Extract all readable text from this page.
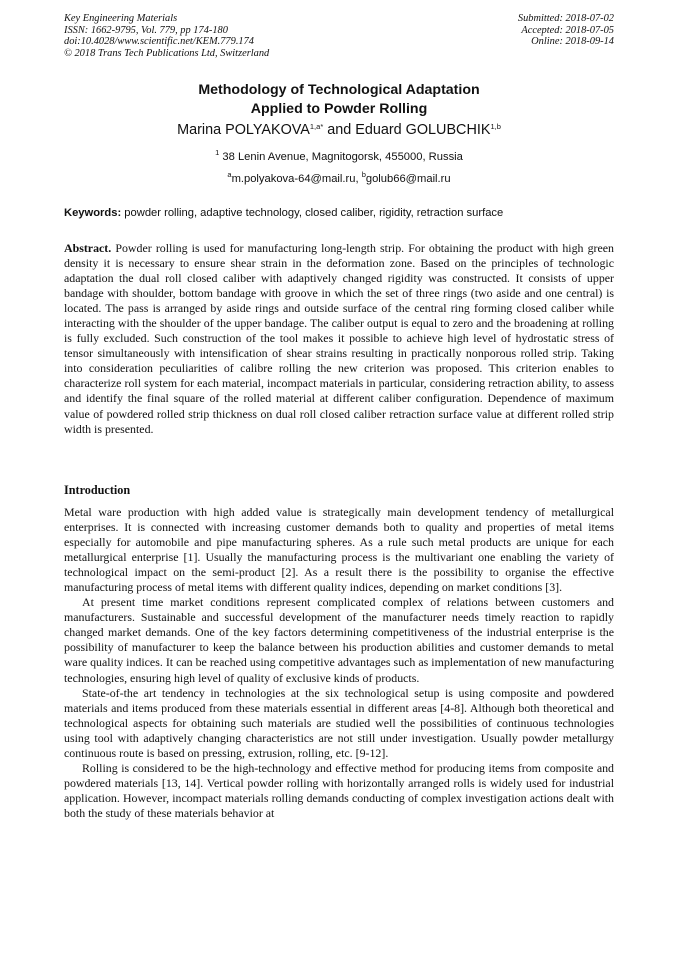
Key Engineering Materials
ISSN: 1662-9795, Vol. 779, pp 174-180
doi:10.4028/www.scientific.net/KEM.779.174
© 2018 Trans Tech Publications Ltd, Switzerland
Submitted: 2018-07-02
Accepted: 2018-07-05
Online: 2018-09-14
Methodology of Technological Adaptation
Applied to Powder Rolling
Marina $POLYAKOVA^{1,a*}$ and Eduard GOLUBCHIK$^{1,b}$
$^1$ 38 Lenin Avenue, Magnitogorsk, 455000, Russia
$^a$m.polyakova-64@mail.ru, $^b$golub66@mail.ru
Keywords: powder rolling, adaptive technology, closed caliber, rigidity, retraction surface
Abstract. Powder rolling is used for manufacturing long-length strip. For obtaining the product with high green density it is necessary to ensure shear strain in the deformation zone. Based on the principles of technologic adaptation the dual roll closed caliber with adaptively changed rigidity was constructed. It consists of upper bandage with shoulder, bottom bandage with groove in which the set of three rings (two aside and one central) is located. The pass is arranged by aside rings and outside surface of the central ring forming closed caliber while interacting with the shoulder of the upper bandage. The caliber output is equal to zero and the broadening at rolling is fully excluded. Such construction of the tool makes it possible to achieve high level of hydrostatic stress of tensor simultaneously with intensification of shear strains resulting in practically nonporous rolled strip. Taking into consideration peculiarities of calibre rolling the new criterion was proposed. This criterion enables to characterize roll system for each material, incompact materials in particular, considering retraction ability, to assess and identify the final square of the rolled material at different caliber configuration. Dependence of maximum value of powdered rolled strip thickness on dual roll closed caliber retraction surface value at different rolled strip width is presented.
Introduction

Metal ware production with high added value is strategically main development tendency of metallurgical enterprises. It is connected with increasing customer demands both to quality and properties of metal items especially for automobile and pipe manufacturing spheres. As a rule such metal products are unique for each metallurgical enterprise [1]. Usually the manufacturing process is the multivariant one enabling the variety of technological impact on the semi-product [2]. As a result there is the possibility to organise the effective manufacturing process of metal items with different quality indices, depending on market conditions [3].

At present time market conditions represent complicated complex of relations between customers and manufacturers. Sustainable and successful development of the manufacturer needs timely reaction to rapidly changed market demands. One of the key factors determining competitiveness of the industrial enterprise is the possibility of manufacturer to keep the balance between his production abilities and customer demands to metal ware quality indices. It can be reached using competitive advantages such as implementation of new manufacturing technologies, ensuring high level of quality of exclusive kinds of products.

State-of-the art tendency in technologies at the six technological setup is using composite and powdered materials and items produced from these materials essential in different areas [4-8]. Although both theoretical and technological aspects for obtaining such materials are studied well the possibilities of continuous technologies using tool with adaptively changing characteristics are not still under investigation. Usually powder metallurgy continuous route is based on pressing, extrusion, rolling, etc. [9-12].

Rolling is considered to be the high-technology and effective method for producing items from composite and powdered materials [13, 14]. Vertical powder rolling with horizontally arranged rolls is widely used for industrial application. However, incompact materials rolling demands conducting of complex investigation actions dealt with both the study of these materials behavior at
